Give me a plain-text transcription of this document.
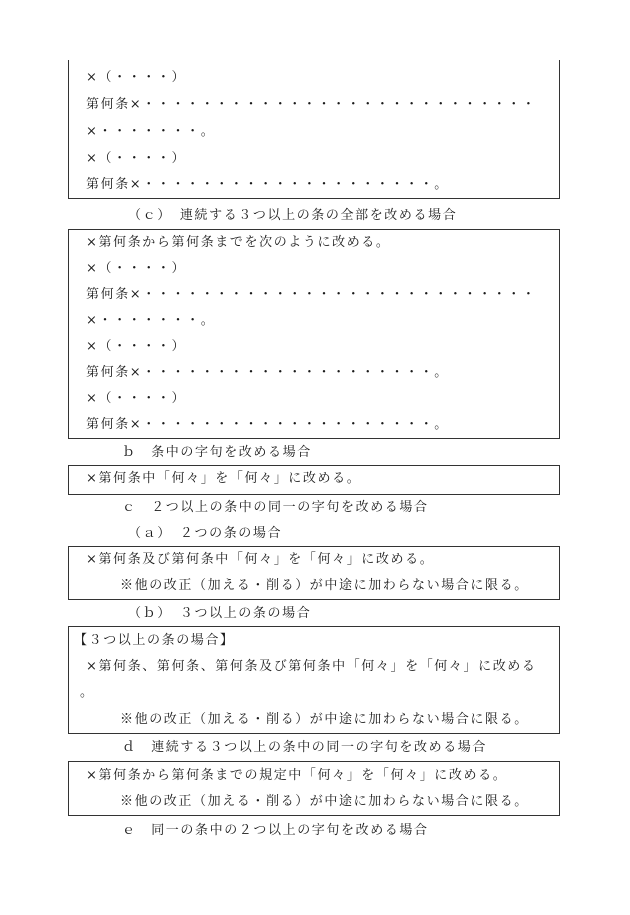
×（・・・・）
第何条×・・・・・・・・・・・・・・・・・・・・・・・・・・・
×・・・・・・・。
×（・・・・）
第何条×・・・・・・・・・・・・・・・・・・・・。
（ｃ）　連続する３つ以上の条の全部を改める場合
×第何条から第何条までを次のように改める。
×（・・・・）
第何条×・・・・・・・・・・・・・・・・・・・・・・・・・・・
×・・・・・・・。
×（・・・・）
第何条×・・・・・・・・・・・・・・・・・・・・。
×（・・・・）
第何条×・・・・・・・・・・・・・・・・・・・・。
ｂ　条中の字句を改める場合
×第何条中「何々」を「何々」に改める。
ｃ　２つ以上の条中の同一の字句を改める場合
（ａ）　２つの条の場合
×第何条及び第何条中「何々」を「何々」に改める。
※他の改正（加える・削る）が中途に加わらない場合に限る。
（ｂ）　３つ以上の条の場合
【３つ以上の条の場合】
×第何条、第何条、第何条及び第何条中「何々」を「何々」に改める
。
※他の改正（加える・削る）が中途に加わらない場合に限る。
ｄ　連続する３つ以上の条中の同一の字句を改める場合
×第何条から第何条までの規定中「何々」を「何々」に改める。
※他の改正（加える・削る）が中途に加わらない場合に限る。
ｅ　同一の条中の２つ以上の字句を改める場合
